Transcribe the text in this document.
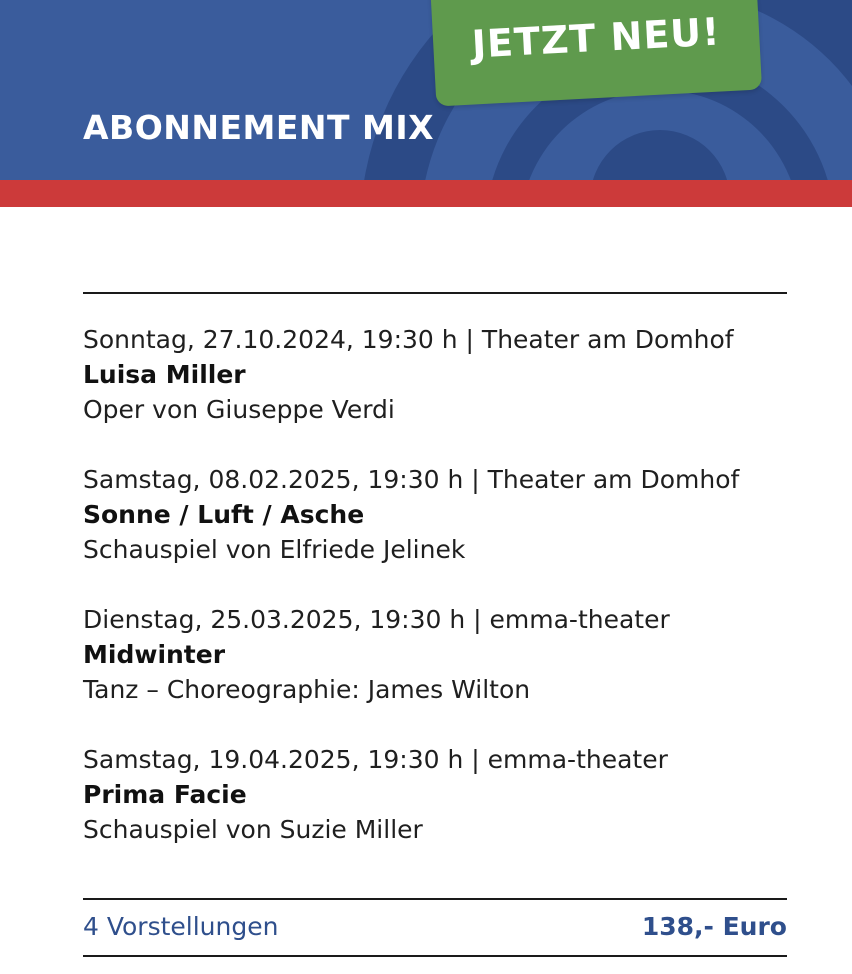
ABONNEMENT MIX
JETZT NEU!
Sonntag, 27.10.2024, 19:30 h | Theater am Domhof
Luisa Miller
Oper von Giuseppe Verdi
Samstag, 08.02.2025, 19:30 h | Theater am Domhof
Sonne / Luft / Asche
Schauspiel von Elfriede Jelinek
Dienstag, 25.03.2025, 19:30 h | emma-theater
Midwinter
Tanz – Choreographie: James Wilton
Samstag, 19.04.2025, 19:30 h | emma-theater
Prima Facie
Schauspiel von Suzie Miller
4 Vorstellungen	138,- Euro
